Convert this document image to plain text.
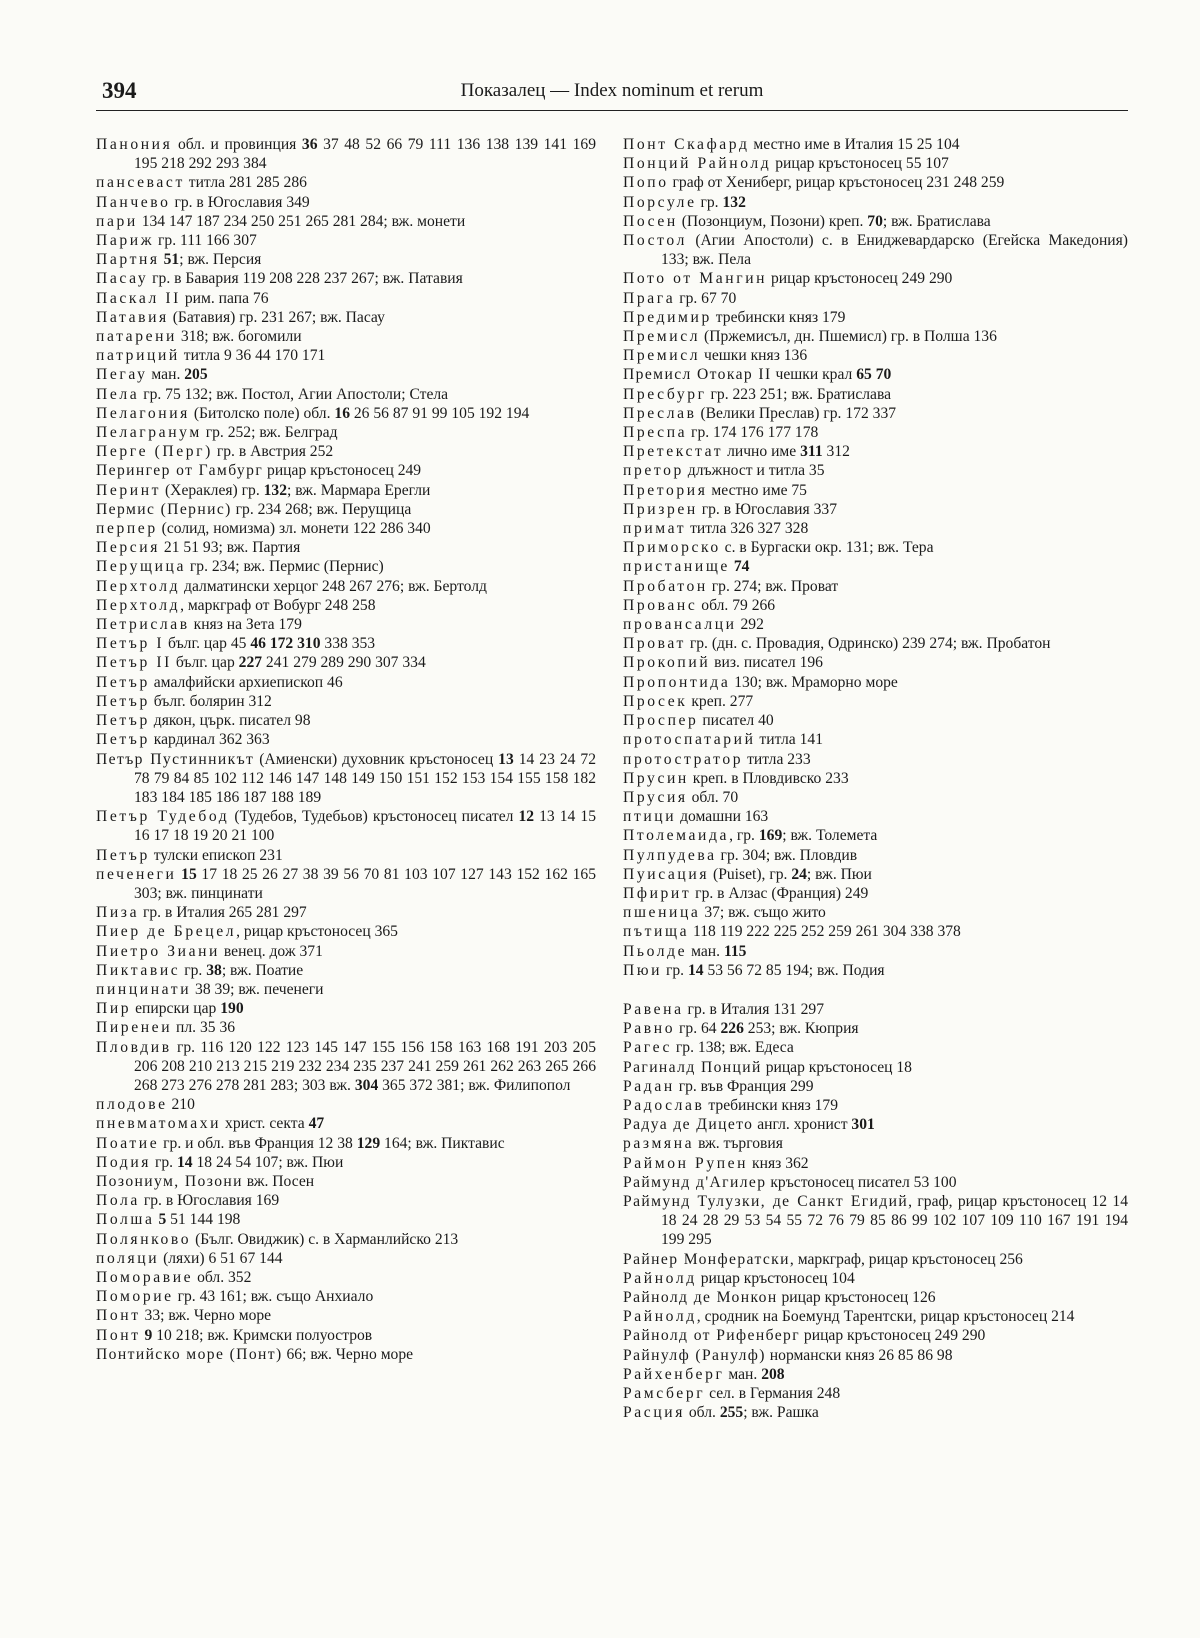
394	Показалец — Index nominum et rerum
Панония обл. и провинция 36 37 48 52 66 79 111 136 138 139 141 169 195 218 292 293 384
пансеваст титла 281 285 286
Панчево гр. в Югославия 349
пари 134 147 187 234 250 251 265 281 284; вж. монети
Париж гр. 111 166 307
Партня 51; вж. Персия
Пасау гр. в Бавария 119 208 228 237 267; вж. Патавия
Паскал II рим. папа 76
Патавия (Батавия) гр. 231 267; вж. Пасау
патарени 318; вж. богомили
патриций титла 9 36 44 170 171
Пегау ман. 205
Пела гр. 75 132; вж. Постол, Агии Апостоли; Стела
Пелагония (Битолско поле) обл. 16 26 56 87 91 99 105 192 194
Пелагранум гр. 252; вж. Белград
Перге (Перг) гр. в Австрия 252
Перингер от Гамбург рицар кръстоносец 249
Перинт (Хераклея) гр. 132; вж. Мармара Ерегли
Пермис (Пернис) гр. 234 268; вж. Перущица
перпер (солид, номизма) зл. монети 122 286 340
Персия 21 51 93; вж. Партия
Перущица гр. 234; вж. Пермис (Пернис)
Перхтолд далматински херцог 248 267 276; вж. Бертолд
Перхтолд, маркграф от Вобург 248 258
Петрислав княз на Зета 179
Петър I бълг. цар 45 46 172 310 338 353
Петър II бълг. цар 227 241 279 289 290 307 334
Петър амалфийски архиепископ 46
Петър бълг. болярин 312
Петър дякон, църк. писател 98
Петър кардинал 362 363
Петър Пустинникът (Амиенски) духовник кръстоносец 13 14 23 24 72 78 79 84 85 102 112 146 147 148 149 150 151 152 153 154 155 158 182 183 184 185 186 187 188 189
Петър Тудебод (Тудебов, Тудебьов) кръстоносец писател 12 13 14 15 16 17 18 19 20 21 100
Петър тулски епископ 231
печенеги 15 17 18 25 26 27 38 39 56 70 81 103 107 127 143 152 162 165 303; вж. пинцинати
Пиза гр. в Италия 265 281 297
Пиер де Брецел, рицар кръстоносец 365
Пиетро Зиани венец. дож 371
Пиктавис гр. 38; вж. Поатие
пинцинати 38 39; вж. печенеги
Пир епирски цар 190
Пиренеи пл. 35 36
Пловдив гр. 116 120 122 123 145 147 155 156 158 163 168 191 203 205 206 208 210 213 215 219 232 234 235 237 241 259 261 262 263 265 266 268 273 276 278 281 283; 303 вж. 304 365 372 381; вж. Филипопол
плодове 210
пневматомахи христ. секта 47
Поатие гр. и обл. във Франция 12 38 129 164; вж. Пиктавис
Подия гр. 14 18 24 54 107; вж. Пюи
Позониум, Позони вж. Посен
Пола гр. в Югославия 169
Полша 5 51 144 198
Полянково (Бълг. Овиджик) с. в Харманлийско 213
поляци (ляхи) 6 51 67 144
Поморавие обл. 352
Поморие гр. 43 161; вж. също Анхиало
Понт 33; вж. Черно море
Понт 9 10 218; вж. Кримски полуостров
Понтийско море (Понт) 66; вж. Черно море
Понт Скафард местно име в Италия 15 25 104
Понций Райнолд рицар кръстоносец 55 107
Попо граф от Хениберг, рицар кръстоносец 231 248 259
Порсуле гр. 132
Посен (Позонциум, Позони) креп. 70; вж. Братислава
Постол (Агии Апостоли) с. в Ениджевардарско (Егейска Македония) 133; вж. Пела
Пото от Мангин рицар кръстоносец 249 290
Прага гр. 67 70
Предимир требински княз 179
Премисл (Пржемисъл, дн. Пшемисл) гр. в Полша 136
Премисл чешки княз 136
Премисл Отокар II чешки крал 65 70
Пресбург гр. 223 251; вж. Братислава
Преслав (Велики Преслав) гр. 172 337
Преспа гр. 174 176 177 178
Претекстат лично име 311 312
претор длъжност и титла 35
Претория местно име 75
Призрен гр. в Югославия 337
примат титла 326 327 328
Приморско с. в Бургаски окр. 131; вж. Тера
пристанище 74
Пробатон гр. 274; вж. Проват
Прованс обл. 79 266
провансалци 292
Проват гр. (дн. с. Провадия, Одринско) 239 274; вж. Пробатон
Прокопий виз. писател 196
Пропонтида 130; вж. Мраморно море
Просек креп. 277
Проспер писател 40
протоспатарий титла 141
протостратор титла 233
Прусин креп. в Пловдивско 233
Прусия обл. 70
птици домашни 163
Птолемаида, гр. 169; вж. Толемета
Пулпудева гр. 304; вж. Пловдив
Пуисация (Puiset), гр. 24; вж. Пюи
Пфирит гр. в Алзас (Франция) 249
пшеница 37; вж. също жито
пътища 118 119 222 225 252 259 261 304 338 378
Пьолде ман. 115
Пюи гр. 14 53 56 72 85 194; вж. Подия
Равена гр. в Италия 131 297
Равно гр. 64 226 253; вж. Кюприя
Рагес гр. 138; вж. Едеса
Рагиналд Понций рицар кръстоносец 18
Радан гр. във Франция 299
Радослав требински княз 179
Радуа де Дицето англ. хронист 301
размяна вж. търговия
Раймон Рупен княз 362
Раймунд д'Агилер кръстоносец писател 53 100
Раймунд Тулузки, де Санкт Егидий, граф, рицар кръстоносец 12 14 18 24 28 29 53 54 55 72 76 79 85 86 99 102 107 109 110 167 191 194 199 295
Райнер Монфератски, маркграф, рицар кръстоносец 256
Райнолд рицар кръстоносец 104
Райнолд де Монкон рицар кръстоносец 126
Райнолд, сродник на Боемунд Тарентски, рицар кръстоносец 214
Райнолд от Рифенберг рицар кръстоносец 249 290
Райнулф (Ранулф) нормански княз 26 85 86 98
Райхенберг ман. 208
Рамсберг сел. в Германия 248
Расция обл. 255; вж. Рашка
